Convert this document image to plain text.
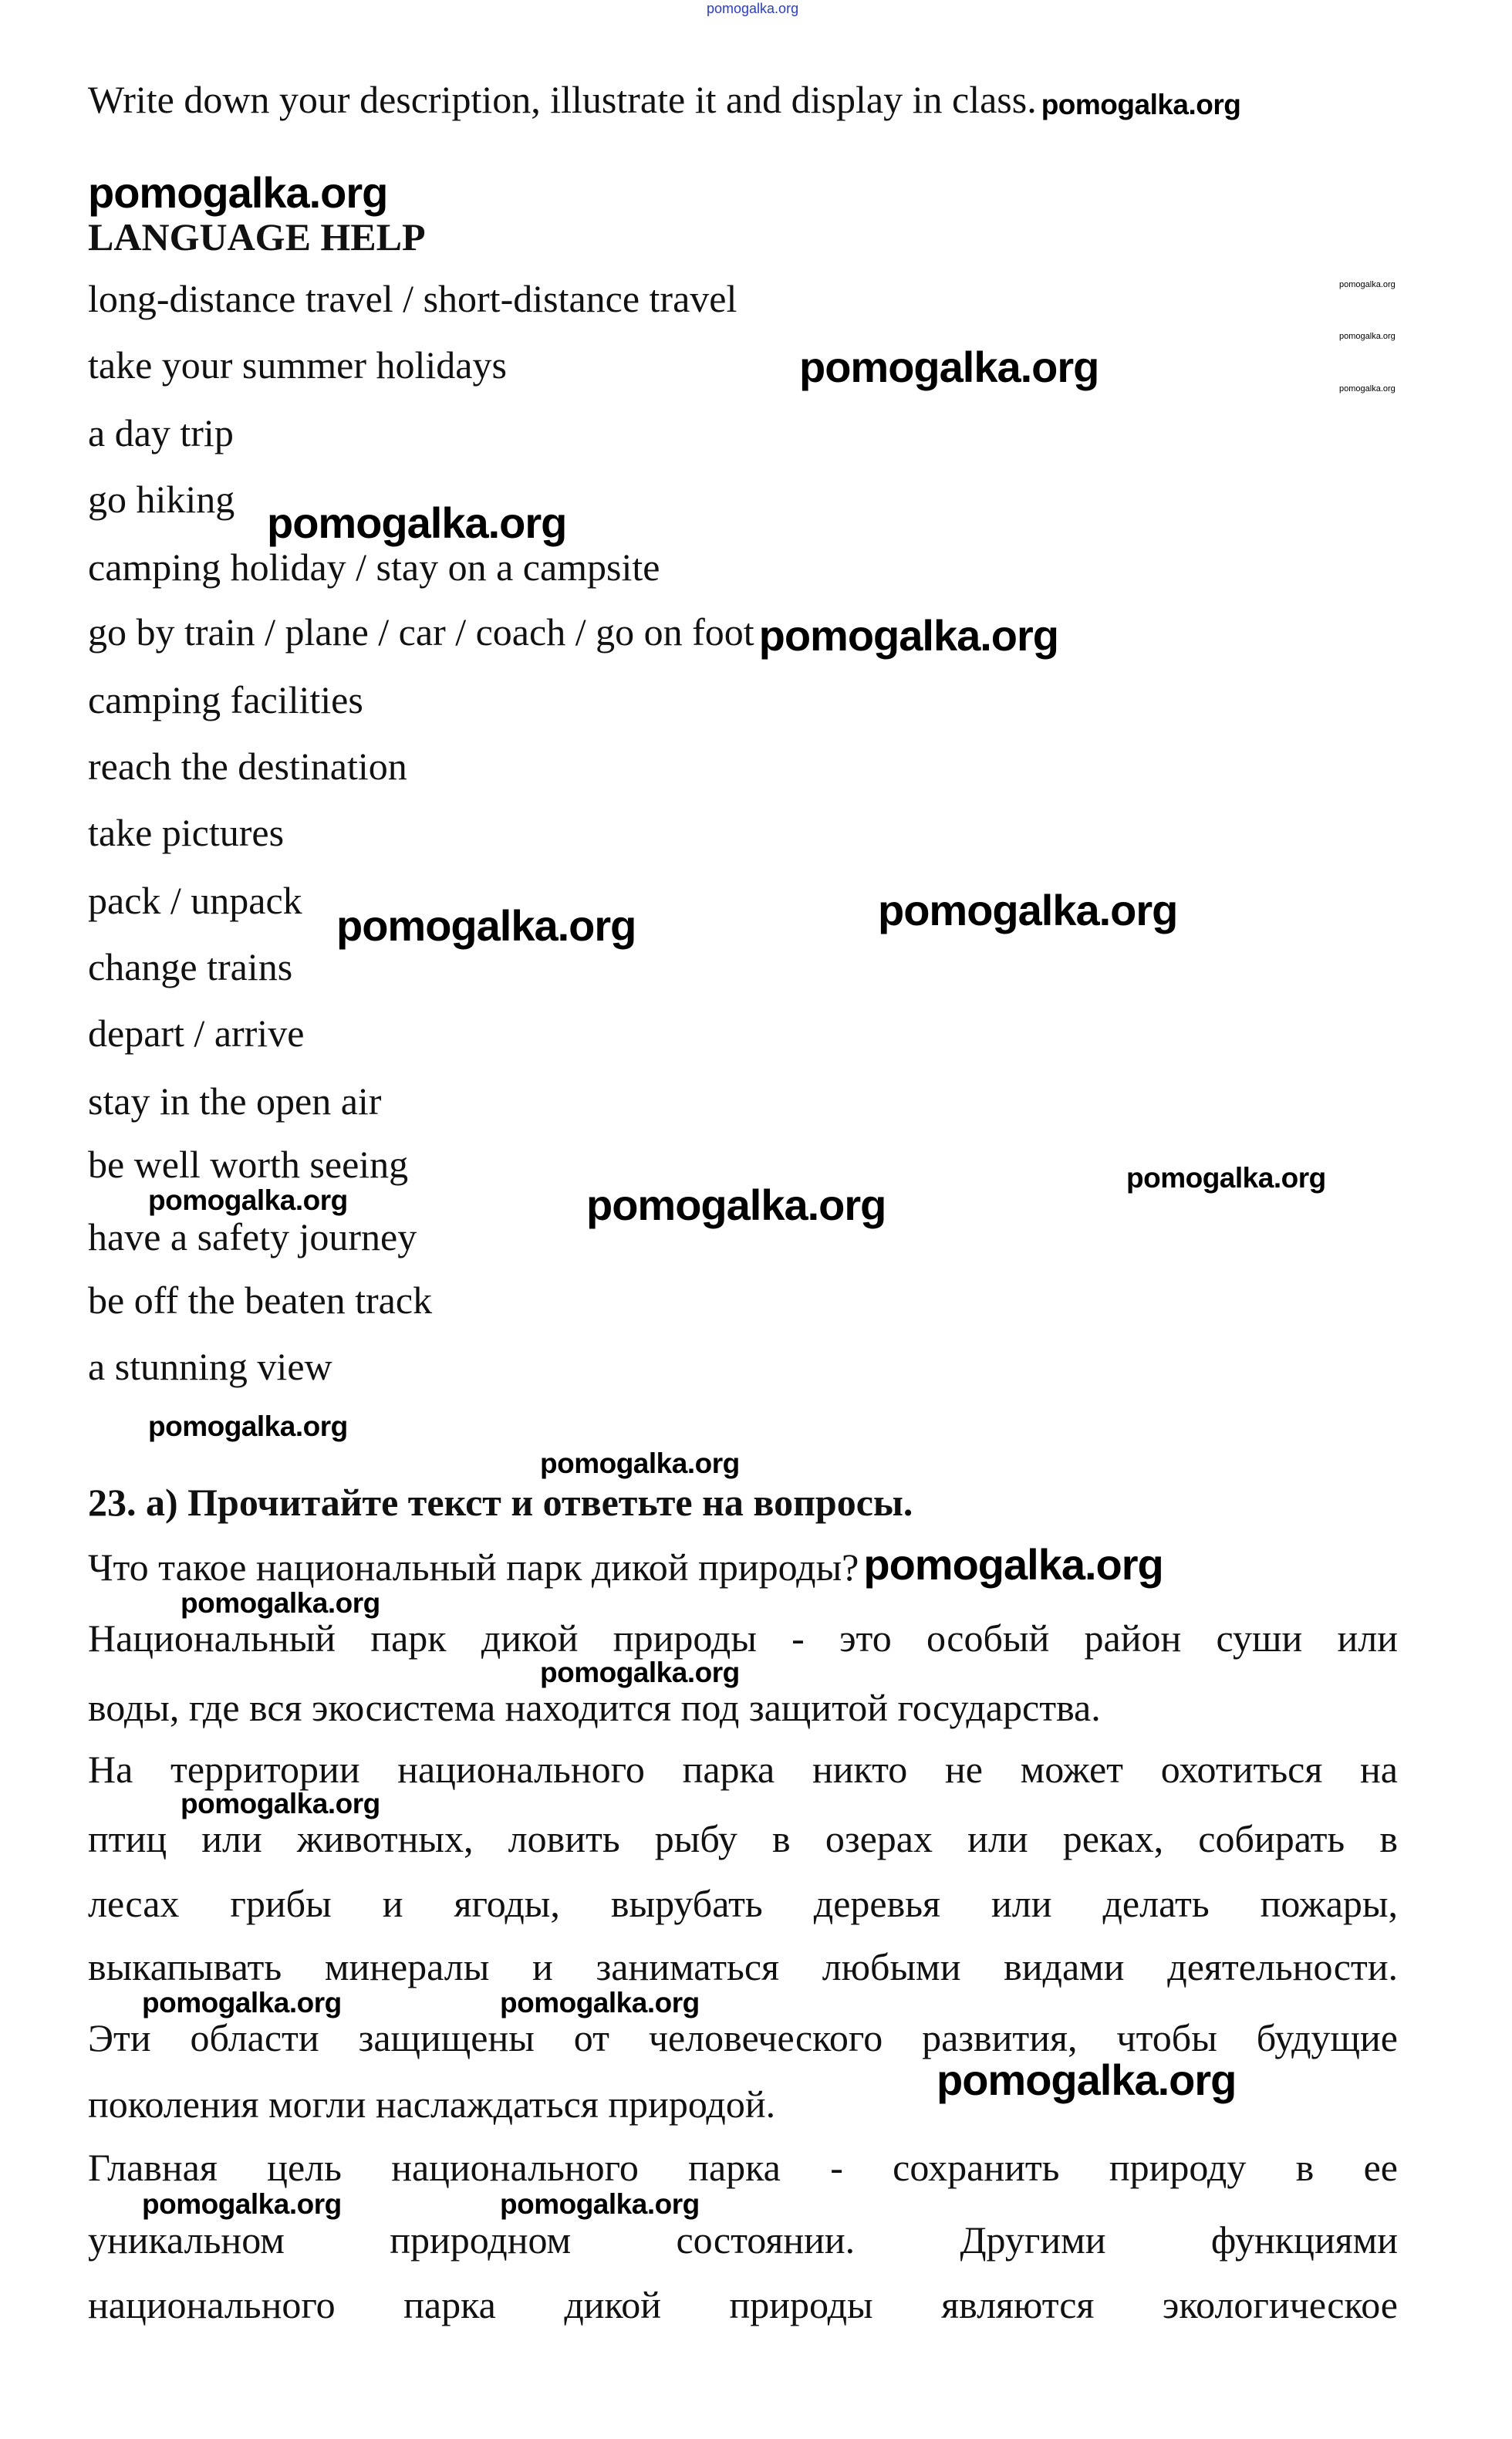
pomogalka.org
pomogalka.org
pomogalka.org
pomogalka.org
pomogalka.org
pomogalka.org
pomogalka.org
pomogalka.org	pomogalka.org
pomogalka.org	pomogalka.org
pomogalka.org
pomogalka.org
pomogalka.org
pomogalka.org
pomogalka.org
pomogalka.org
pomogalka.org	pomogalka.org
pomogalka.org
pomogalka.org	pomogalka.org
Write down your description, illustrate it and display in class. pomogalka.org
LANGUAGE HELP
long-distance travel / short-distance travel
take your summer holidays
a day trip
go hiking
camping holiday / stay on a campsite
go by train / plane / car / coach / go on foot pomogalka.org
camping facilities
reach the destination
take pictures
pack / unpack
change trains
depart / arrive
stay in the open air
be well worth seeing
have a safety journey
be off the beaten track
a stunning view
23. а) Прочитайте текст и ответьте на вопросы.
Что такое национальный парк дикой природы? pomogalka.org
Национальный парк дикой природы - это особый район суши или
воды, где вся экосистема находится под защитой государства.
На территории национального парка никто не может охотиться на
птиц или животных, ловить рыбу в озерах или реках, собирать в
лесах грибы и ягоды, вырубать деревья или делать пожары,
выкапывать минералы и заниматься любыми видами деятельности.
Эти области защищены от человеческого развития, чтобы будущие
поколения могли наслаждаться природой.
Главная цель национального парка - сохранить природу в ее
уникальном природном состоянии. Другими функциями
национального парка дикой природы являются экологическое
